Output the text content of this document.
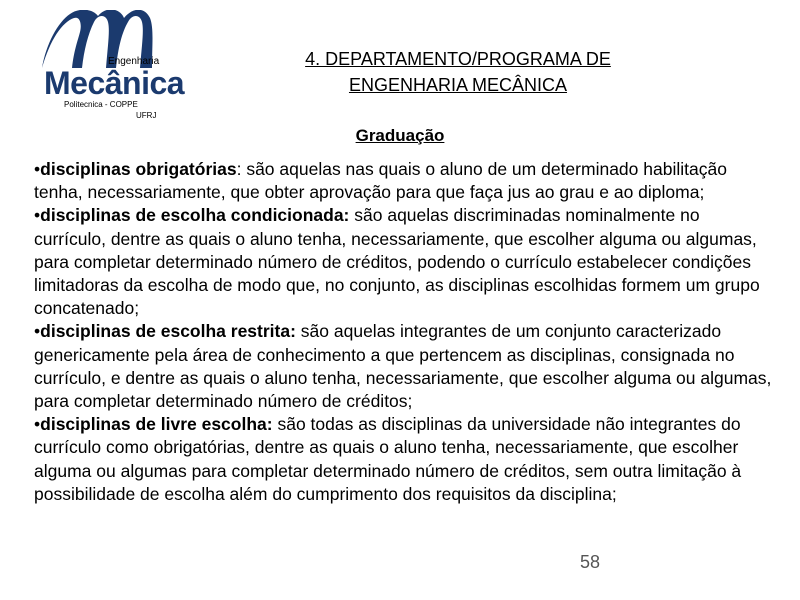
Engenharia
Mecânica
Politecnica - COPPE
UFRJ
4. DEPARTAMENTO/PROGRAMA DE
ENGENHARIA MECÂNICA
Graduação

•disciplinas obrigatórias: são aquelas nas quais o aluno de um determinado habilitação tenha, necessariamente, que obter aprovação para que faça jus ao grau e ao diploma;

•disciplinas de escolha condicionada: são aquelas discriminadas nominalmente no currículo, dentre as quais o aluno tenha, necessariamente, que escolher alguma ou algumas, para completar determinado número de créditos, podendo o currículo estabelecer condições limitadoras da escolha de modo que, no conjunto, as disciplinas escolhidas formem um grupo concatenado;

•disciplinas de escolha restrita: são aquelas integrantes de um conjunto caracterizado genericamente pela área de conhecimento a que pertencem as disciplinas, consignada no currículo, e dentre as quais o aluno tenha, necessariamente, que escolher alguma ou algumas, para completar determinado número de créditos;

•disciplinas de livre escolha: são todas as disciplinas da universidade não integrantes do currículo como obrigatórias, dentre as quais o aluno tenha, necessariamente, que escolher alguma ou algumas para completar determinado número de créditos, sem outra limitação à possibilidade de escolha além do cumprimento dos requisitos da disciplina;

58
